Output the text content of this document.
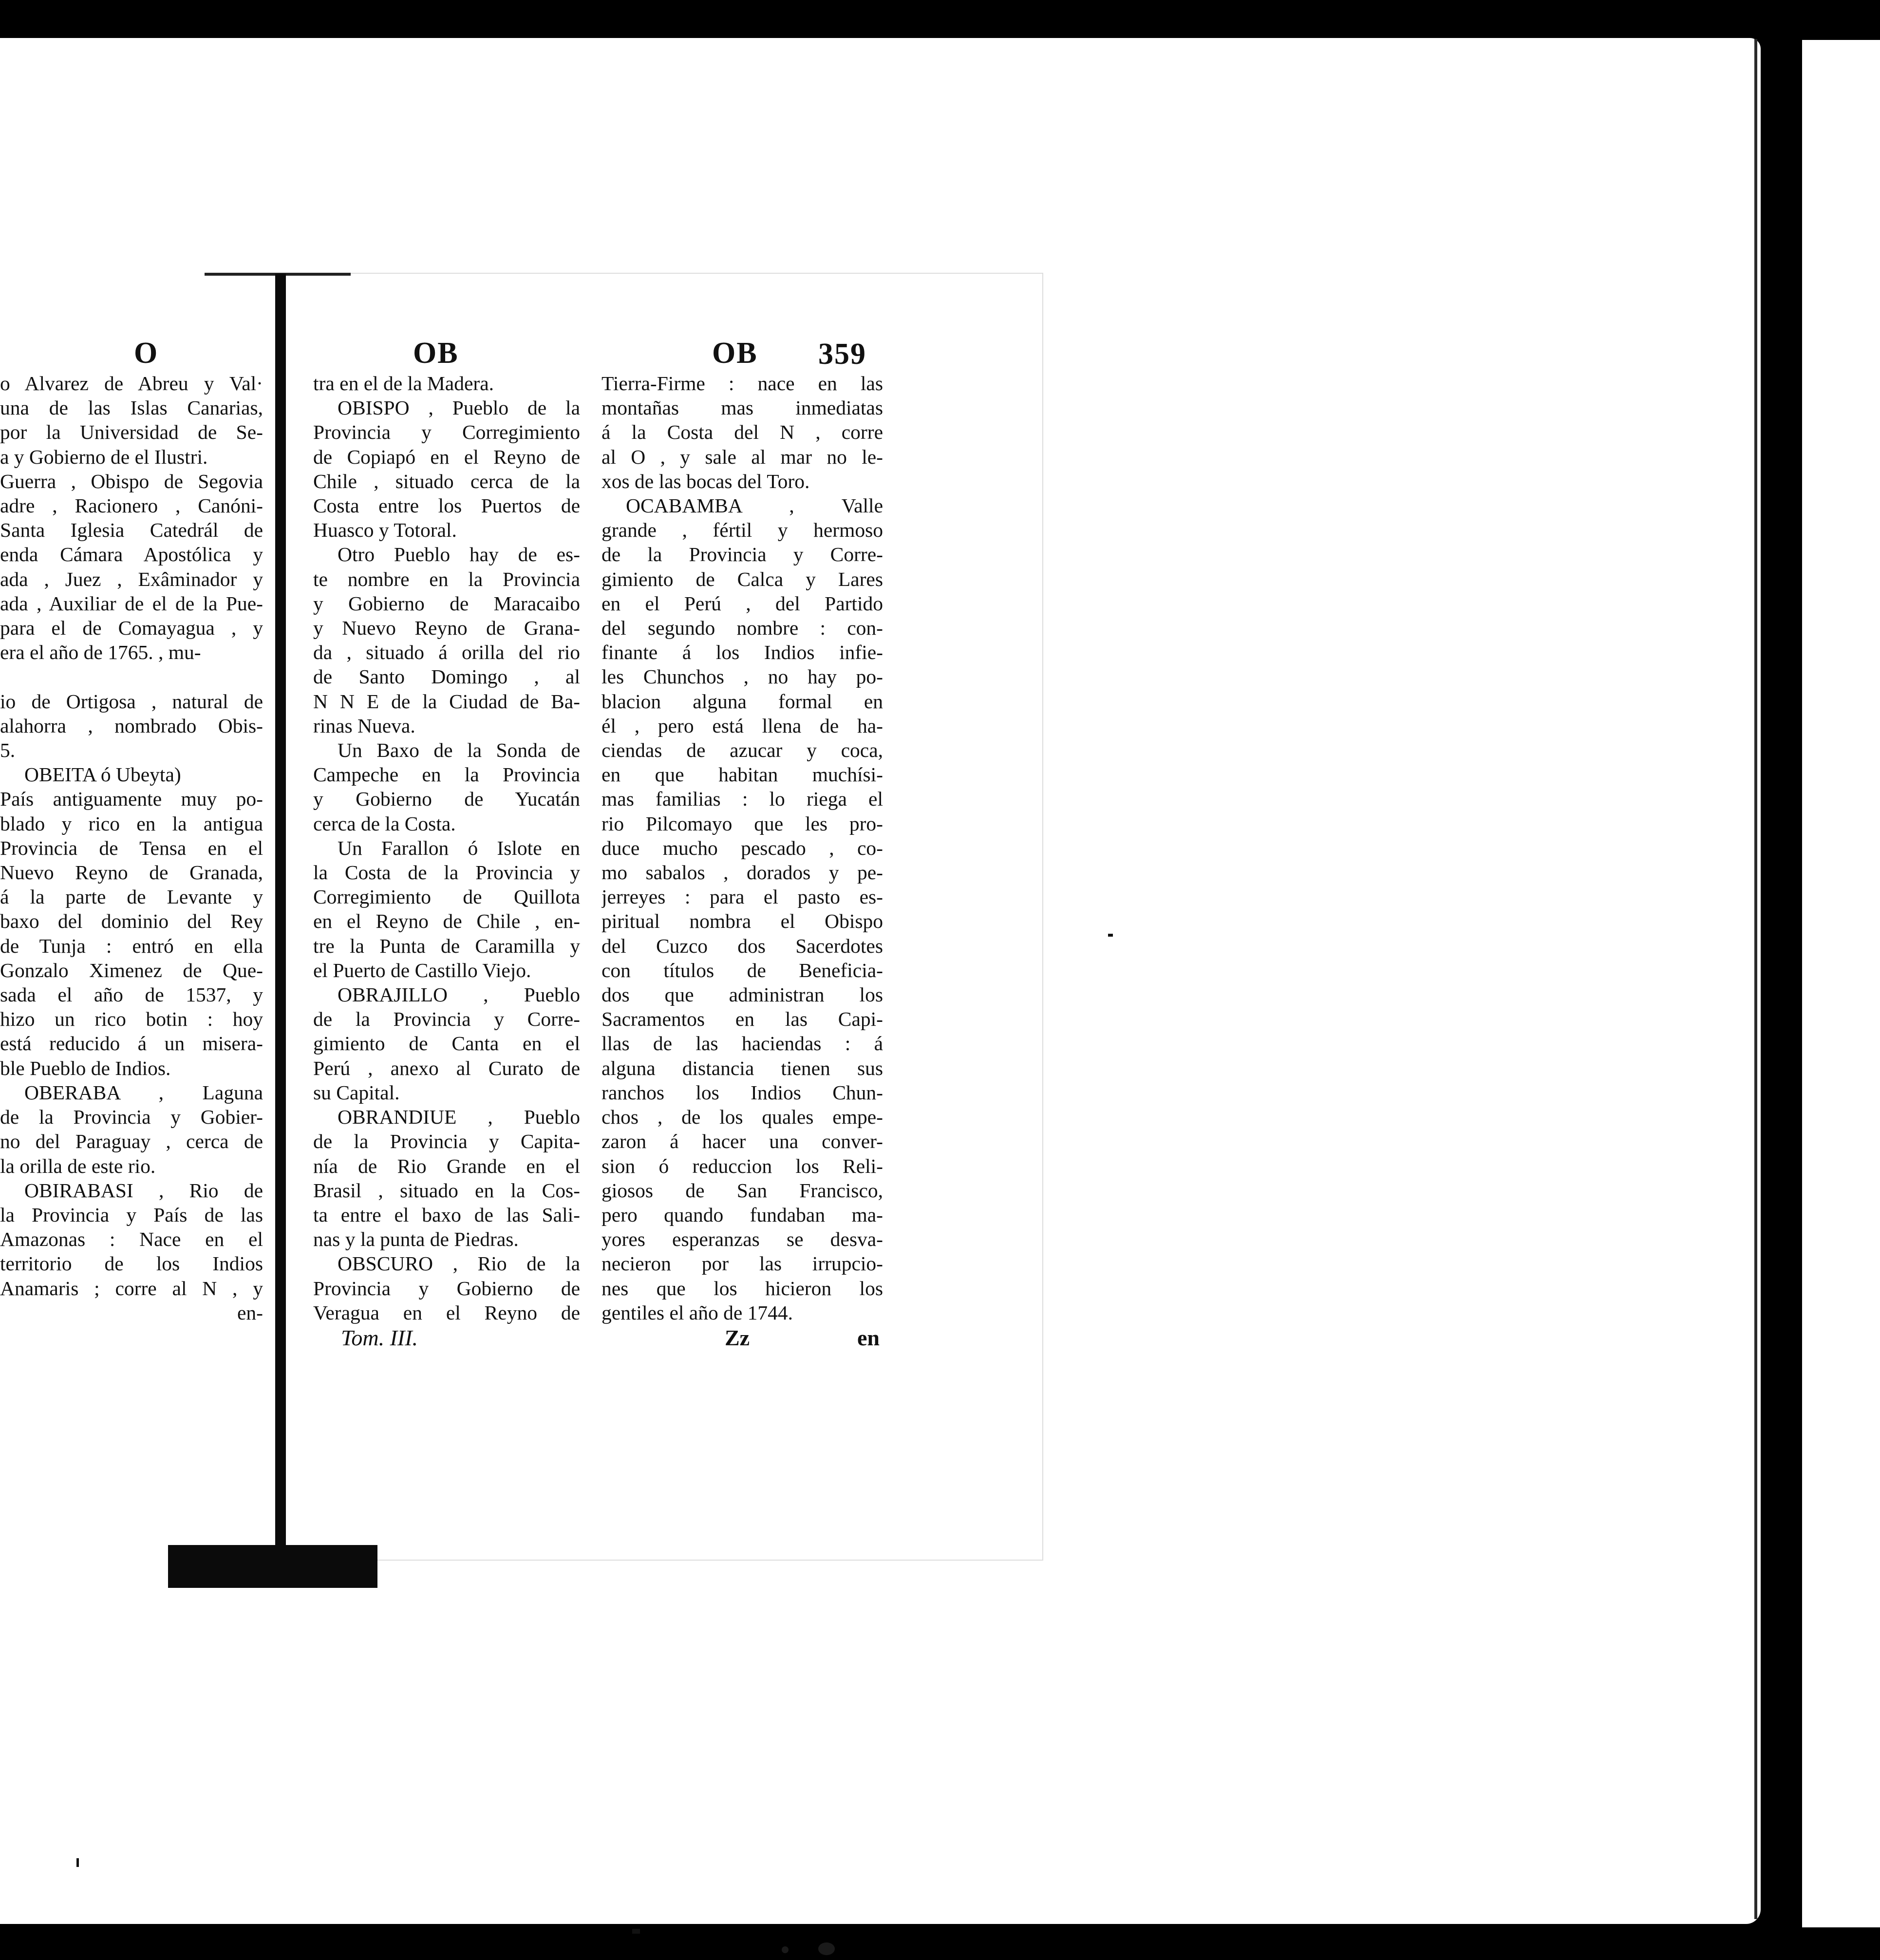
O	OB	OB 359
o Alvarez de Abreu y Val·
una de las Islas Canarias,
por la Universidad de Se-
a y Gobierno de el Ilustri.
Guerra , Obispo de Segovia
adre , Racionero , Canóni-
Santa Iglesia Catedrál de
enda Cámara Apostólica y
ada , Juez , Exâminador y
ada , Auxiliar de el de la Pue-
para el de Comayagua , y
era el año de 1765. , mu-

io de Ortigosa , natural de
alahorra , nombrado Obis-
5.
OBEITA ó Ubeyta)
País antiguamente muy po-
blado y rico en la antigua
Provincia de Tensa en el
Nuevo Reyno de Granada,
á la parte de Levante y
baxo del dominio del Rey
de Tunja : entró en ella
Gonzalo Ximenez de Que-
sada el año de 1537, y
hizo un rico botin : hoy
está reducido á un misera-
ble Pueblo de Indios.
OBERABA , Laguna
de la Provincia y Gobier-
no del Paraguay , cerca de
la orilla de este rio.
OBIRABASI , Rio de
la Provincia y País de las
Amazonas : Nace en el
territorio de los Indios
Anamaris ; corre al N , y
en-
tra en el de la Madera.
OBISPO , Pueblo de la
Provincia y Corregimiento
de Copiapó en el Reyno de
Chile , situado cerca de la
Costa entre los Puertos de
Huasco y Totoral.
Otro Pueblo hay de es-
te nombre en la Provincia
y Gobierno de Maracaibo
y Nuevo Reyno de Grana-
da , situado á orilla del rio
de Santo Domingo , al
N N E de la Ciudad de Ba-
rinas Nueva.
Un Baxo de la Sonda de
Campeche en la Provincia
y Gobierno de Yucatán
cerca de la Costa.
Un Farallon ó Islote en
la Costa de la Provincia y
Corregimiento de Quillota
en el Reyno de Chile , en-
tre la Punta de Caramilla y
el Puerto de Castillo Viejo.
OBRAJILLO , Pueblo
de la Provincia y Corre-
gimiento de Canta en el
Perú , anexo al Curato de
su Capital.
OBRANDIUE , Pueblo
de la Provincia y Capita-
nía de Rio Grande en el
Brasil , situado en la Cos-
ta entre el baxo de las Sali-
nas y la punta de Piedras.
OBSCURO , Rio de la
Provincia y Gobierno de
Veragua en el Reyno de
Tierra-Firme : nace en las
montañas mas inmediatas
á la Costa del N , corre
al O , y sale al mar no le-
xos de las bocas del Toro.
OCABAMBA , Valle
grande , fértil y hermoso
de la Provincia y Corre-
gimiento de Calca y Lares
en el Perú , del Partido
del segundo nombre : con-
finante á los Indios infie-
les Chunchos , no hay po-
blacion alguna formal en
él , pero está llena de ha-
ciendas de azucar y coca,
en que habitan muchísi-
mas familias : lo riega el
rio Pilcomayo que les pro-
duce mucho pescado , co-
mo sabalos , dorados y pe-
jerreyes : para el pasto es-
piritual nombra el Obispo
del Cuzco dos Sacerdotes
con títulos de Beneficia-
dos que administran los
Sacramentos en las Capi-
llas de las haciendas : á
alguna distancia tienen sus
ranchos los Indios Chun-
chos , de los quales empe-
zaron á hacer una conver-
sion ó reduccion los Reli-
giosos de San Francisco,
pero quando fundaban ma-
yores esperanzas se desva-
necieron por las irrupcio-
nes que los hicieron los
gentiles el año de 1744.
Tom. III.	Zz	en
